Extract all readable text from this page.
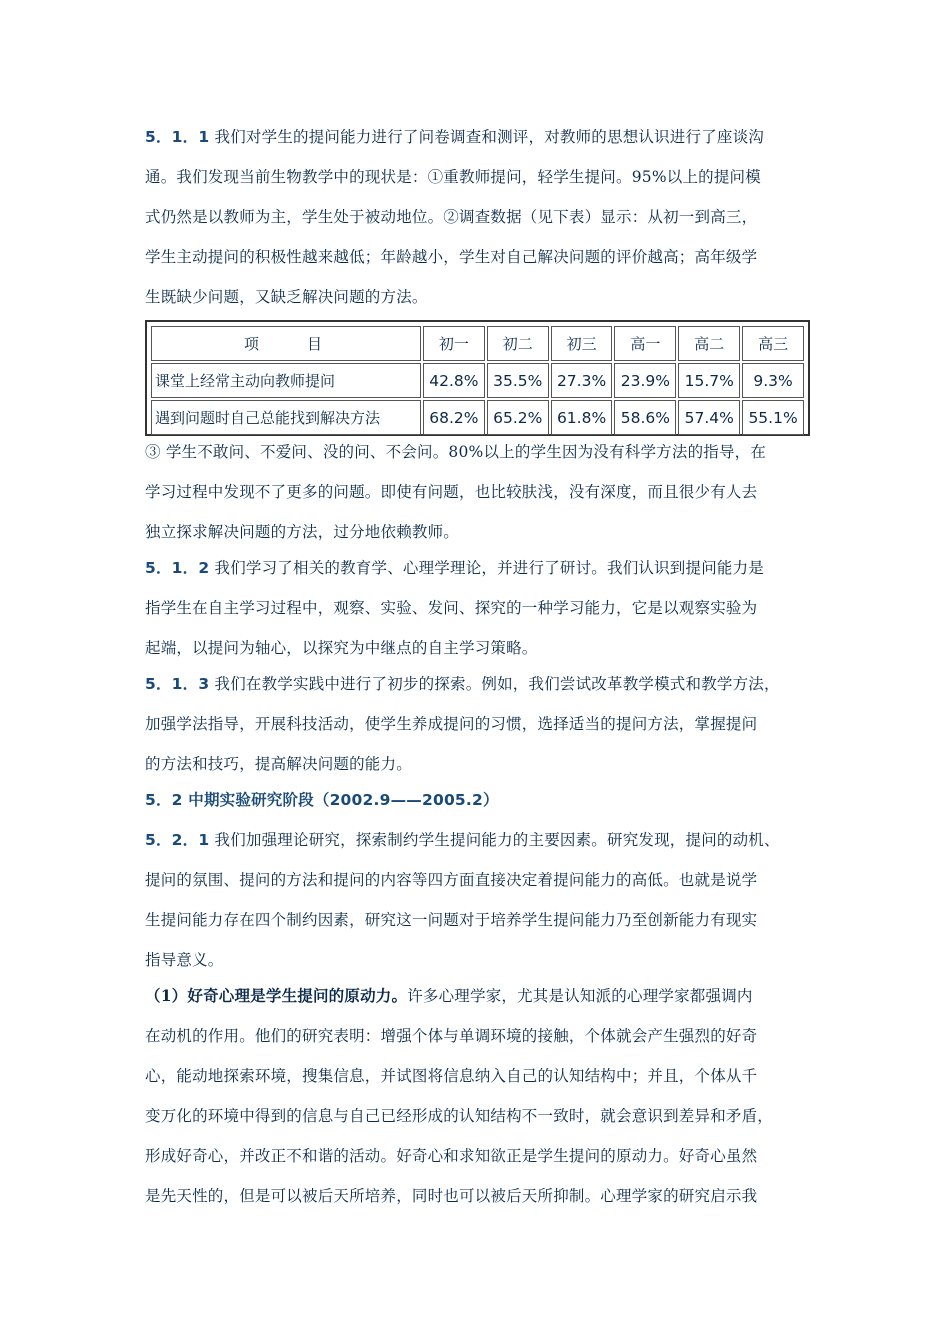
5．1．1 我们对学生的提问能力进行了问卷调查和测评，对教师的思想认识进行了座谈沟
通。我们发现当前生物教学中的现状是：①重教师提问，轻学生提问。95%以上的提问模
式仍然是以教师为主，学生处于被动地位。②调查数据（见下表）显示：从初一到高三，
学生主动提问的积极性越来越低；年龄越小，学生对自己解决问题的评价越高；高年级学
生既缺少问题，又缺乏解决问题的方法。
项　　目	初一	初二	初三	高一	高二	高三
课堂上经常主动向教师提问	42.8%	35.5%	27.3%	23.9%	15.7%	9.3%
遇到问题时自己总能找到解决方法	68.2%	65.2%	61.8%	58.6%	57.4%	55.1%
③ 学生不敢问、不爱问、没的问、不会问。80%以上的学生因为没有科学方法的指导，在
学习过程中发现不了更多的问题。即使有问题，也比较肤浅，没有深度，而且很少有人去
独立探求解决问题的方法，过分地依赖教师。
5．1．2 我们学习了相关的教育学、心理学理论，并进行了研讨。我们认识到提问能力是
指学生在自主学习过程中，观察、实验、发问、探究的一种学习能力，它是以观察实验为
起端，以提问为轴心，以探究为中继点的自主学习策略。
5．1．3 我们在教学实践中进行了初步的探索。例如，我们尝试改革教学模式和教学方法，
加强学法指导，开展科技活动，使学生养成提问的习惯，选择适当的提问方法，掌握提问
的方法和技巧，提高解决问题的能力。
5．2 中期实验研究阶段（2002.9——2005.2）
5．2．1 我们加强理论研究，探索制约学生提问能力的主要因素。研究发现，提问的动机、
提问的氛围、提问的方法和提问的内容等四方面直接决定着提问能力的高低。也就是说学
生提问能力存在四个制约因素，研究这一问题对于培养学生提问能力乃至创新能力有现实
指导意义。
（1）好奇心理是学生提问的原动力。许多心理学家，尤其是认知派的心理学家都强调内
在动机的作用。他们的研究表明：增强个体与单调环境的接触，个体就会产生强烈的好奇
心，能动地探索环境，搜集信息，并试图将信息纳入自己的认知结构中；并且，个体从千
变万化的环境中得到的信息与自己已经形成的认知结构不一致时，就会意识到差异和矛盾，
形成好奇心，并改正不和谐的活动。好奇心和求知欲正是学生提问的原动力。好奇心虽然
是先天性的，但是可以被后天所培养，同时也可以被后天所抑制。心理学家的研究启示我
